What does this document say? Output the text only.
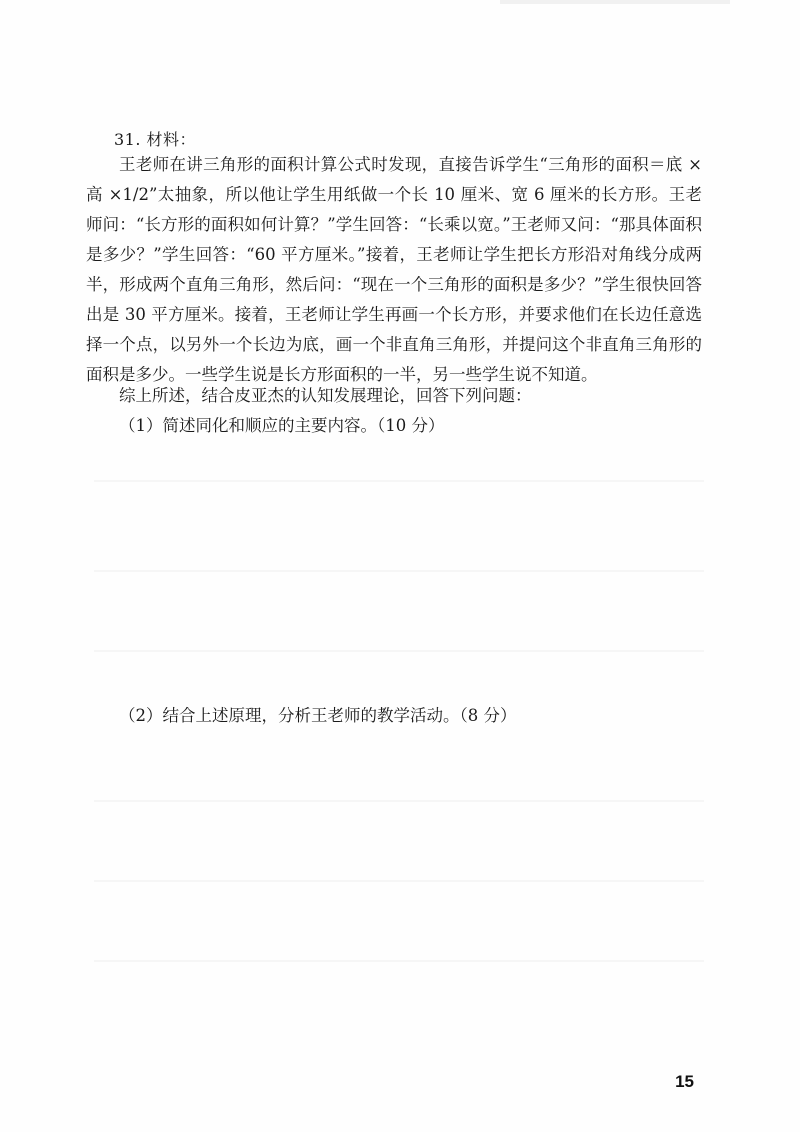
31. 材料：

王老师在讲三角形的面积计算公式时发现，直接告诉学生“三角形的面积＝底 × 高 ×1/2”太抽象，所以他让学生用纸做一个长 10 厘米、宽 6 厘米的长方形。王老师问：“长方形的面积如何计算？”学生回答：“长乘以宽。”王老师又问：“那具体面积是多少？”学生回答：“60 平方厘米。”接着，王老师让学生把长方形沿对角线分成两半，形成两个直角三角形，然后问：“现在一个三角形的面积是多少？”学生很快回答出是 30 平方厘米。接着，王老师让学生再画一个长方形，并要求他们在长边任意选择一个点，以另外一个长边为底，画一个非直角三角形，并提问这个非直角三角形的面积是多少。一些学生说是长方形面积的一半，另一些学生说不知道。

综上所述，结合皮亚杰的认知发展理论，回答下列问题：
（1）简述同化和顺应的主要内容。（10 分）
（2）结合上述原理，分析王老师的教学活动。（8 分）
15
